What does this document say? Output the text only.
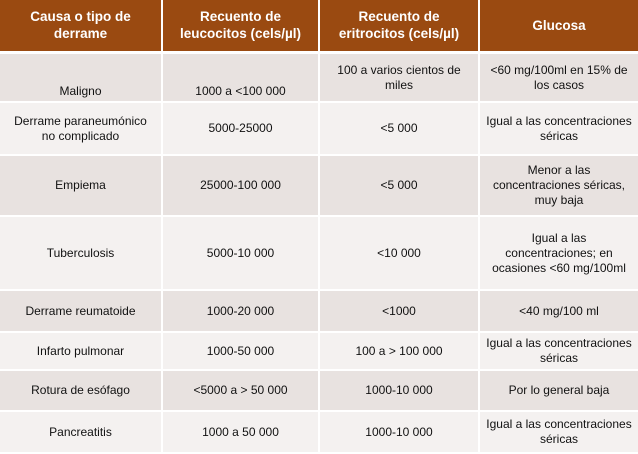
Causa o tipo de derrame	Recuento de leucocitos (cels/µl)	Recuento de eritrocitos (cels/µl)	Glucosa
Maligno	1000 a <100 000	100 a varios cientos de miles	<60 mg/100ml en 15% de los casos
Derrame paraneumónico no complicado	5000-25000	<5 000	Igual a las concentraciones séricas
Empiema	25000-100 000	<5 000	Menor a las concentraciones séricas, muy baja
Tuberculosis	5000-10 000	<10 000	Igual a las concentraciones; en ocasiones <60 mg/100ml
Derrame reumatoide	1000-20 000	<1000	<40 mg/100 ml
Infarto pulmonar	1000-50 000	100 a > 100 000	Igual a las concentraciones séricas
Rotura de esófago	<5000 a > 50 000	1000-10 000	Por lo general baja
Pancreatitis	1000 a 50 000	1000-10 000	Igual a las concentraciones séricas
